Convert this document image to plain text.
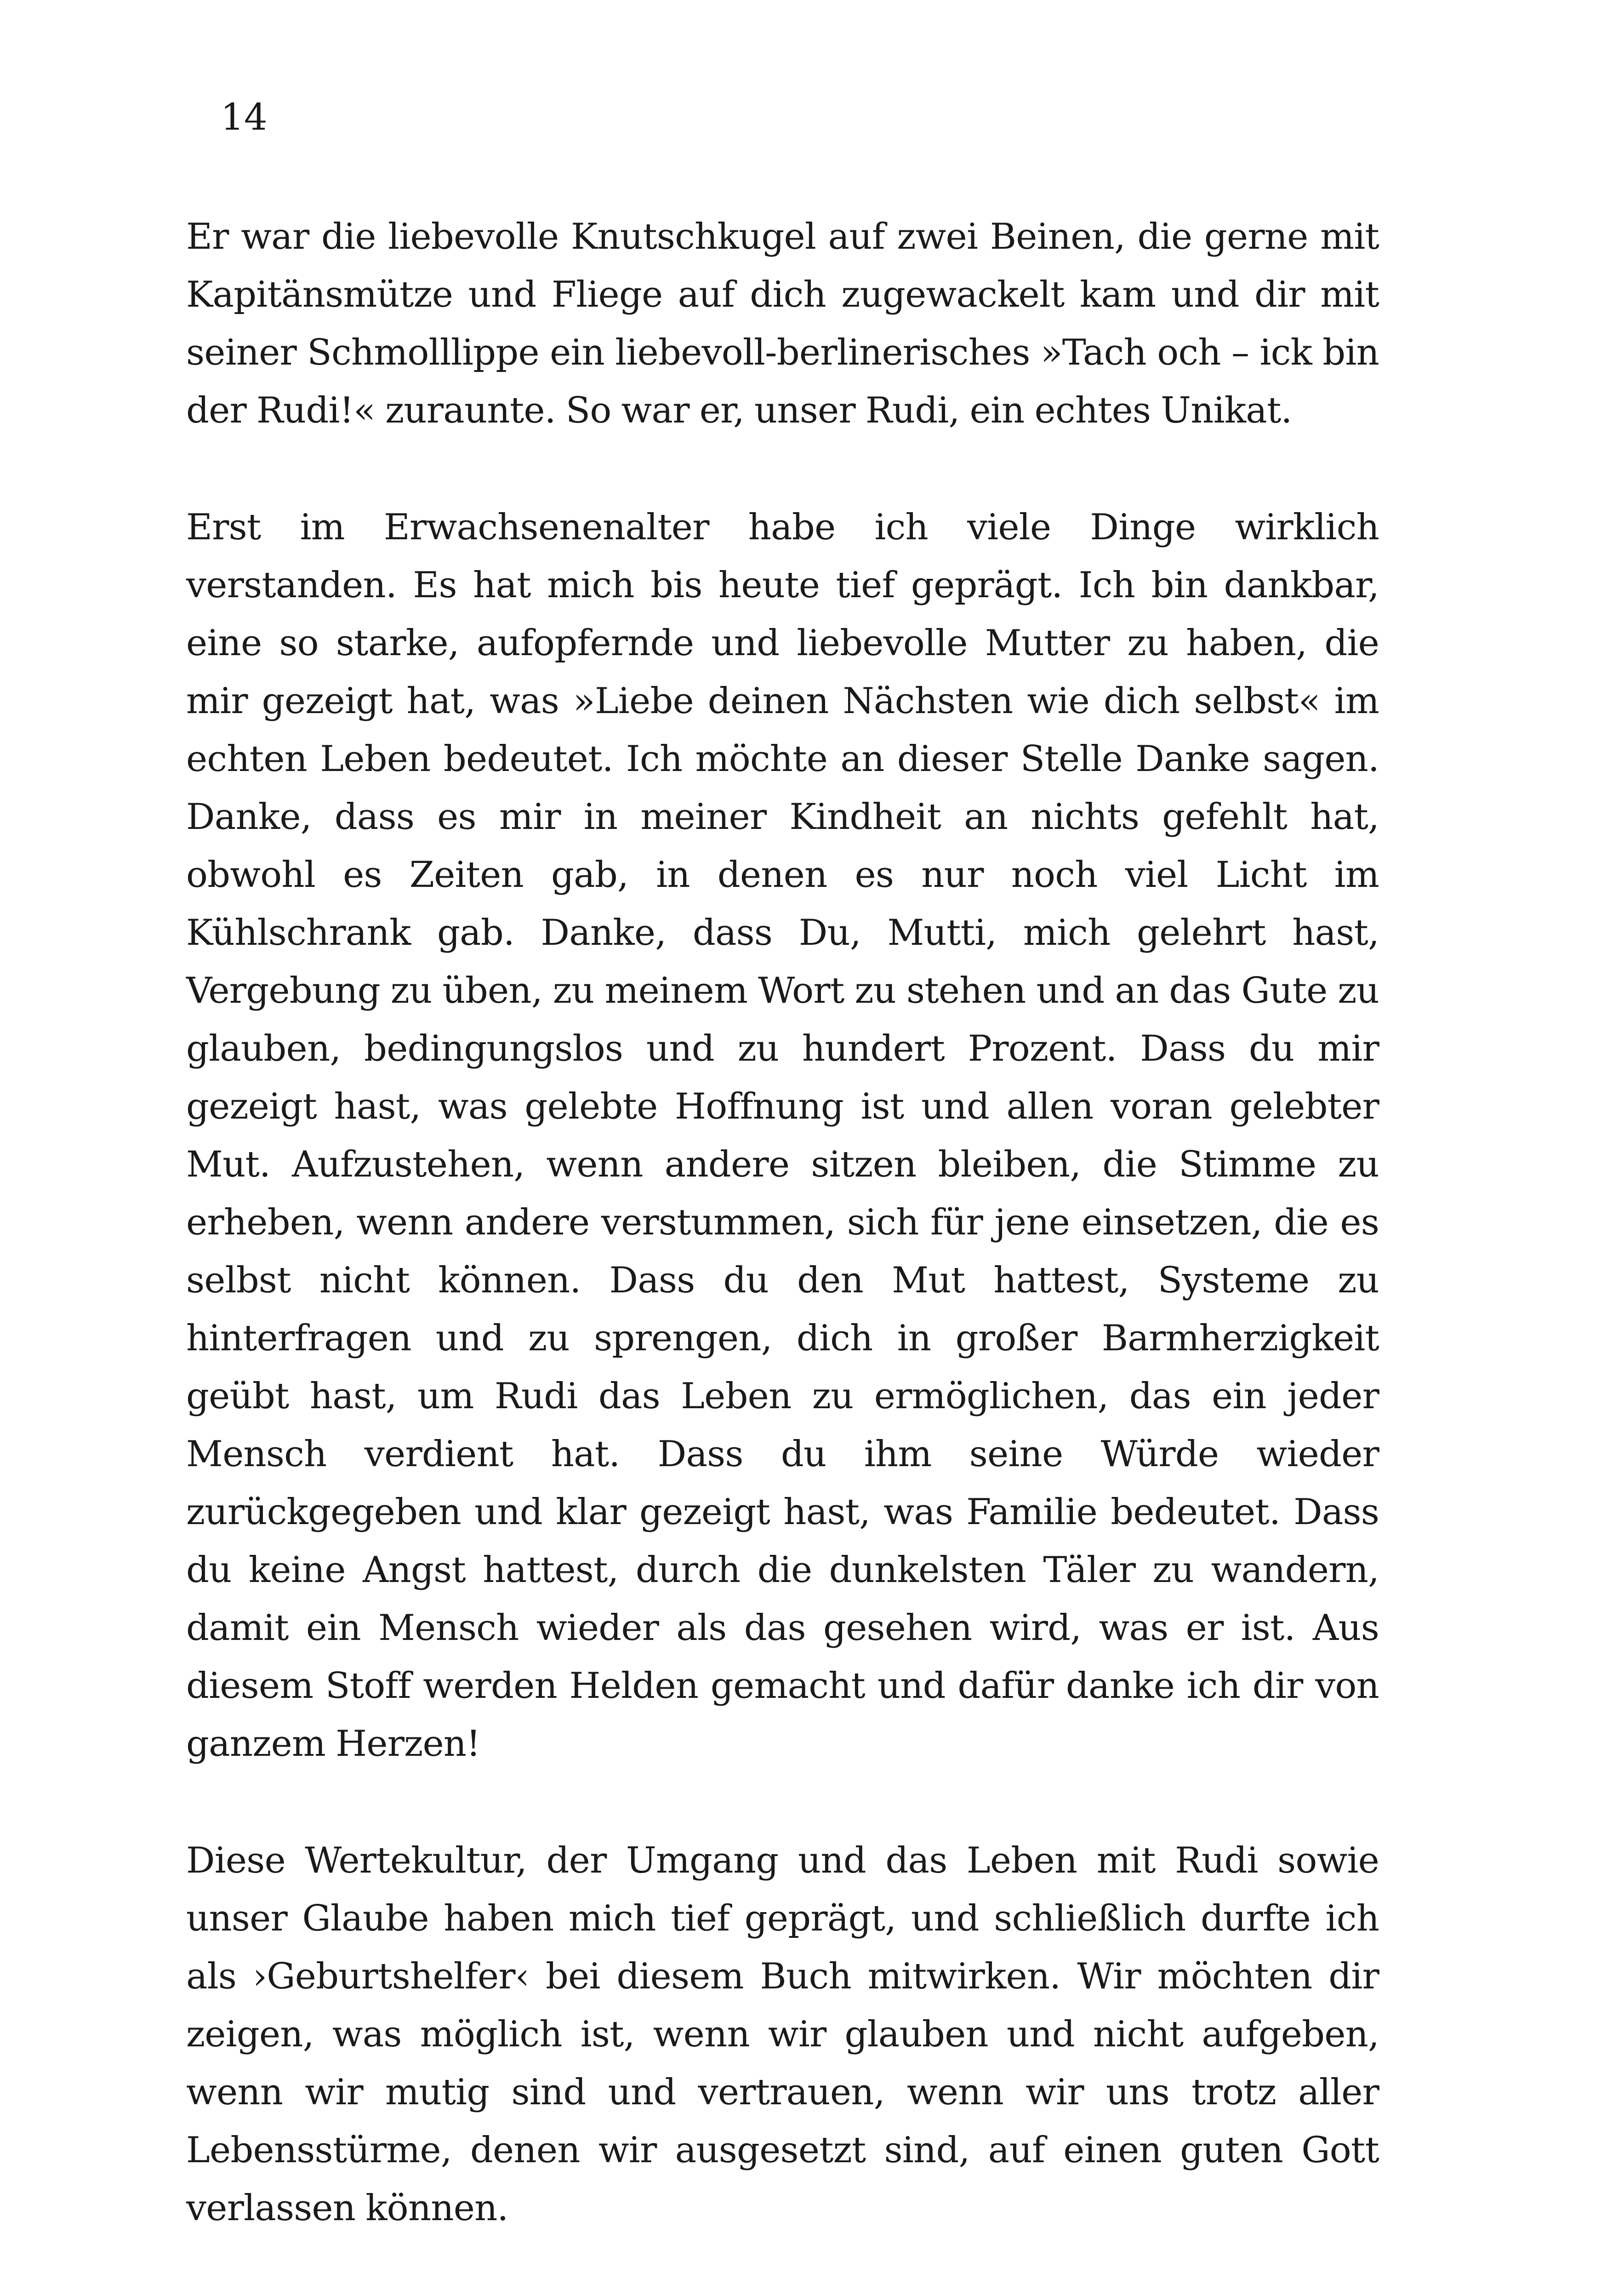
14

Er war die liebevolle Knutschkugel auf zwei Beinen, die gerne mit Kapitänsmütze und Fliege auf dich zugewackelt kam und dir mit seiner Schmolllippe ein liebevoll-berlinerisches »Tach och – ick bin der Rudi!« zuraunte. So war er, unser Rudi, ein echtes Unikat.

Erst im Erwachsenenalter habe ich viele Dinge wirklich verstanden. Es hat mich bis heute tief geprägt. Ich bin dankbar, eine so starke, aufopfernde und liebevolle Mutter zu haben, die mir gezeigt hat, was »Liebe deinen Nächsten wie dich selbst« im echten Leben bedeutet. Ich möchte an dieser Stelle Danke sagen. Danke, dass es mir in meiner Kindheit an nichts gefehlt hat, obwohl es Zeiten gab, in denen es nur noch viel Licht im Kühlschrank gab. Danke, dass Du, Mutti, mich gelehrt hast, Vergebung zu üben, zu meinem Wort zu stehen und an das Gute zu glauben, bedingungslos und zu hundert Prozent. Dass du mir gezeigt hast, was gelebte Hoffnung ist und allen voran gelebter Mut. Aufzustehen, wenn andere sitzen bleiben, die Stimme zu erheben, wenn andere verstummen, sich für jene einsetzen, die es selbst nicht können. Dass du den Mut hattest, Systeme zu hinterfragen und zu sprengen, dich in großer Barmherzigkeit geübt hast, um Rudi das Leben zu ermöglichen, das ein jeder Mensch verdient hat. Dass du ihm seine Würde wieder zurückgegeben und klar gezeigt hast, was Familie bedeutet. Dass du keine Angst hattest, durch die dunkelsten Täler zu wandern, damit ein Mensch wieder als das gesehen wird, was er ist. Aus diesem Stoff werden Helden gemacht und dafür danke ich dir von ganzem Herzen!

Diese Wertekultur, der Umgang und das Leben mit Rudi sowie unser Glaube haben mich tief geprägt, und schließlich durfte ich als ›Geburtshelfer‹ bei diesem Buch mitwirken. Wir möchten dir zeigen, was möglich ist, wenn wir glauben und nicht aufgeben, wenn wir mutig sind und vertrauen, wenn wir uns trotz aller Lebensstürme, denen wir ausgesetzt sind, auf einen guten Gott verlassen können.
